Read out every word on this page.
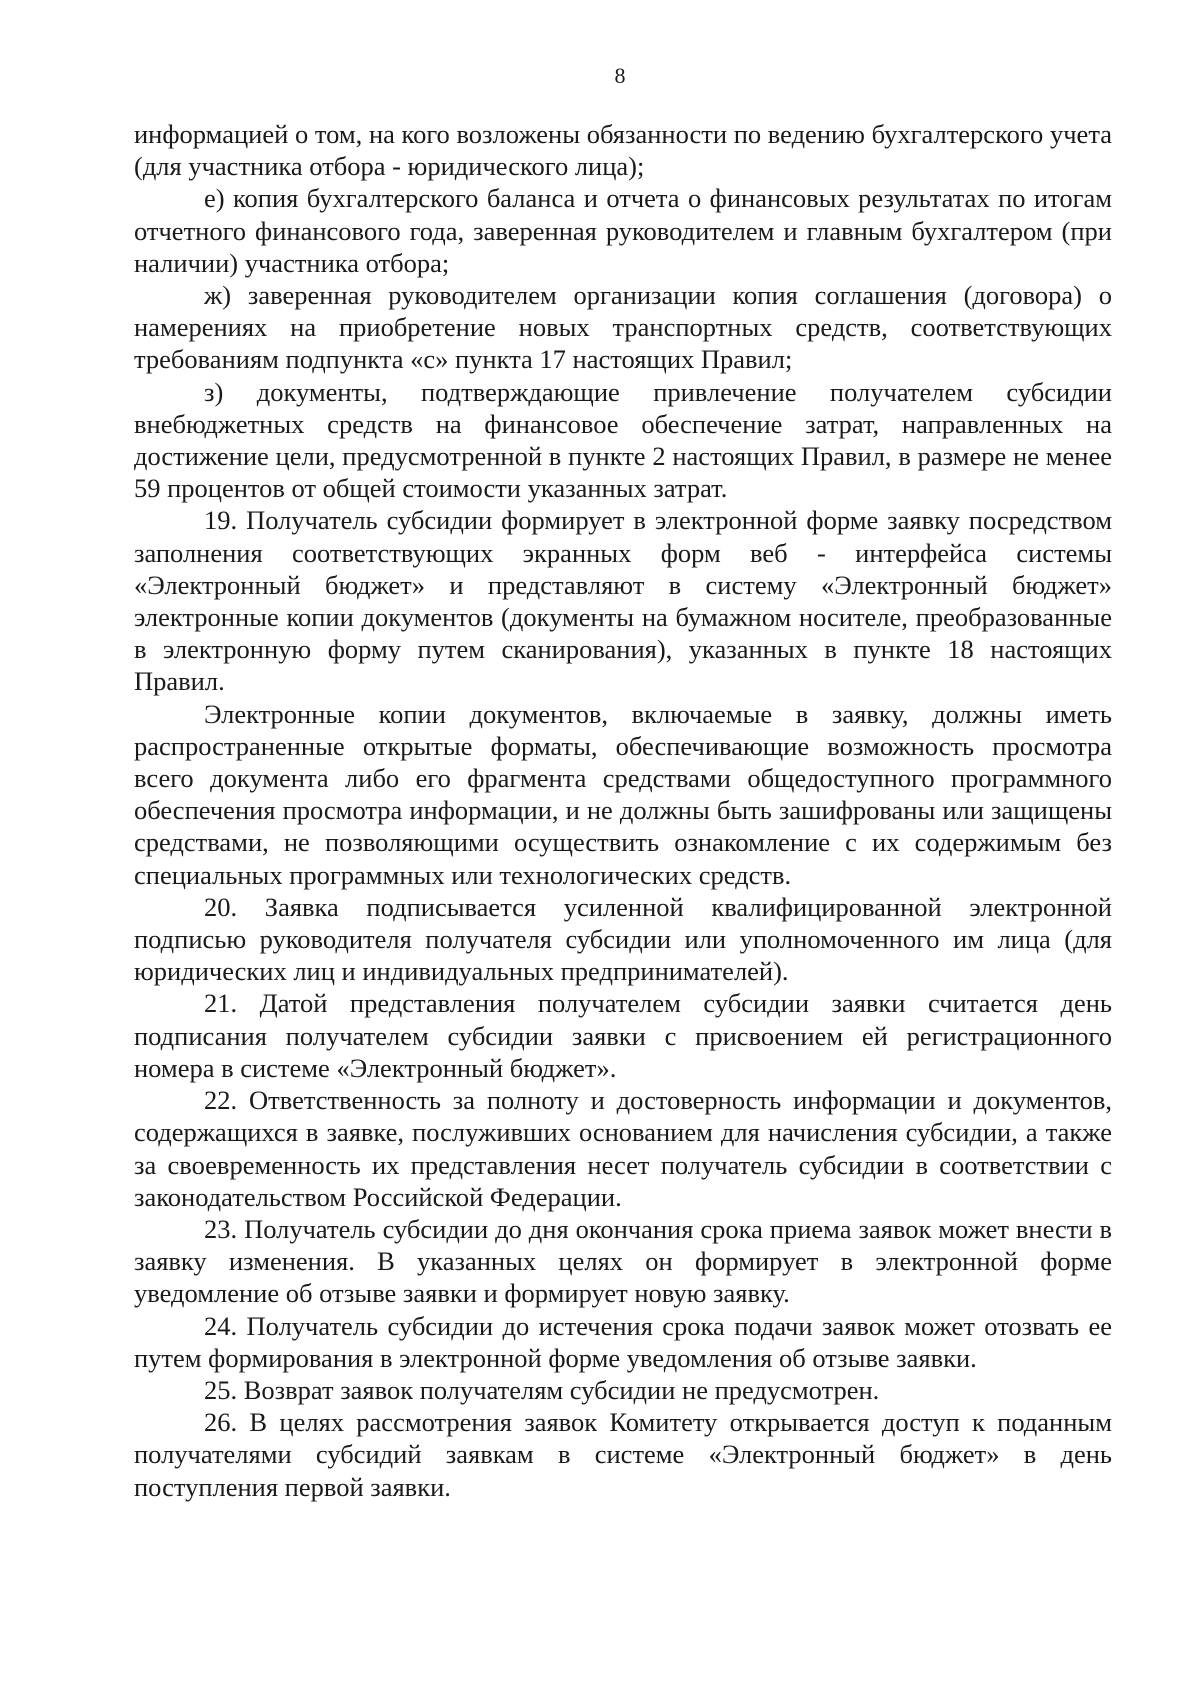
8

информацией о том, на кого возложены обязанности по ведению бухгалтерского учета (для участника отбора - юридического лица);

е) копия бухгалтерского баланса и отчета о финансовых результатах по итогам отчетного финансового года, заверенная руководителем и главным бухгалтером (при наличии) участника отбора;

ж) заверенная руководителем организации копия соглашения (договора) о намерениях на приобретение новых транспортных средств, соответствующих требованиям подпункта «с» пункта 17 настоящих Правил;

з) документы, подтверждающие привлечение получателем субсидии внебюджетных средств на финансовое обеспечение затрат, направленных на достижение цели, предусмотренной в пункте 2 настоящих Правил, в размере не менее 59 процентов от общей стоимости указанных затрат.

19. Получатель субсидии формирует в электронной форме заявку посредством заполнения соответствующих экранных форм веб - интерфейса системы «Электронный бюджет» и представляют в систему «Электронный бюджет» электронные копии документов (документы на бумажном носителе, преобразованные в электронную форму путем сканирования), указанных в пункте 18 настоящих Правил.

Электронные копии документов, включаемые в заявку, должны иметь распространенные открытые форматы, обеспечивающие возможность просмотра всего документа либо его фрагмента средствами общедоступного программного обеспечения просмотра информации, и не должны быть зашифрованы или защищены средствами, не позволяющими осуществить ознакомление с их содержимым без специальных программных или технологических средств.

20. Заявка подписывается усиленной квалифицированной электронной подписью руководителя получателя субсидии или уполномоченного им лица (для юридических лиц и индивидуальных предпринимателей).

21. Датой представления получателем субсидии заявки считается день подписания получателем субсидии заявки с присвоением ей регистрационного номера в системе «Электронный бюджет».

22. Ответственность за полноту и достоверность информации и документов, содержащихся в заявке, послуживших основанием для начисления субсидии, а также за своевременность их представления несет получатель субсидии в соответствии с законодательством Российской Федерации.

23. Получатель субсидии до дня окончания срока приема заявок может внести в заявку изменения. В указанных целях он формирует в электронной форме уведомление об отзыве заявки и формирует новую заявку.

24. Получатель субсидии до истечения срока подачи заявок может отозвать ее путем формирования в электронной форме уведомления об отзыве заявки.

25. Возврат заявок получателям субсидии не предусмотрен.

26. В целях рассмотрения заявок Комитету открывается доступ к поданным получателями субсидий заявкам в системе «Электронный бюджет» в день поступления первой заявки.
